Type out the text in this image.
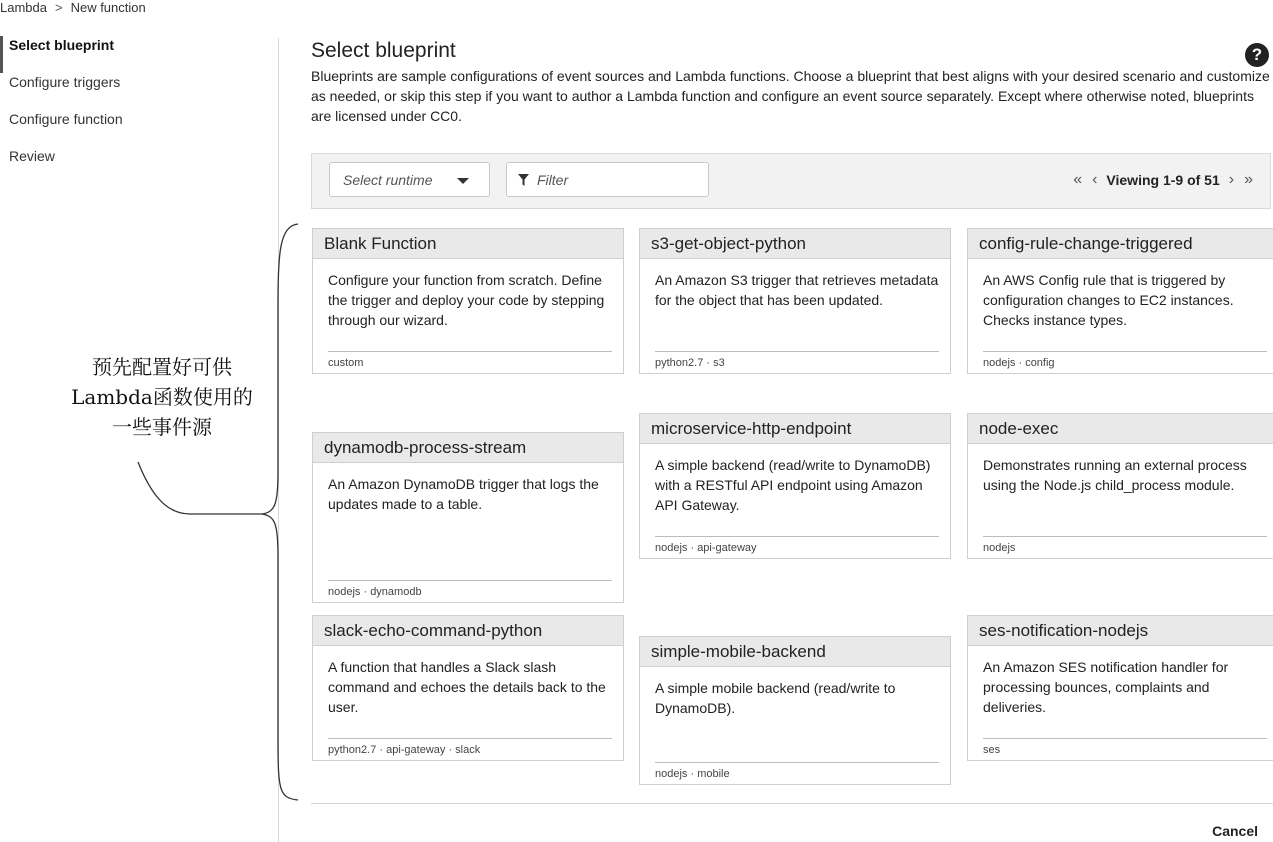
Lambda > New function
Select blueprint
Configure triggers
Configure function
Review
Select blueprint	?
Blueprints are sample configurations of event sources and Lambda functions. Choose a blueprint that best aligns with your desired scenario and customize as needed, or skip this step if you want to author a Lambda function and configure an event source separately. Except where otherwise noted, blueprints are licensed under CC0.
Select runtime	Filter	« ‹ Viewing 1-9 of 51 › »
Blank Function
Configure your function from scratch. Define the trigger and deploy your code by stepping through our wizard.
custom
s3-get-object-python
An Amazon S3 trigger that retrieves metadata for the object that has been updated.
python2.7 · s3
config-rule-change-triggered
An AWS Config rule that is triggered by configuration changes to EC2 instances. Checks instance types.
nodejs · config
dynamodb-process-stream
An Amazon DynamoDB trigger that logs the updates made to a table.
nodejs · dynamodb
microservice-http-endpoint
A simple backend (read/write to DynamoDB) with a RESTful API endpoint using Amazon API Gateway.
nodejs · api-gateway
node-exec
Demonstrates running an external process using the Node.js child_process module.
nodejs
slack-echo-command-python
A function that handles a Slack slash command and echoes the details back to the user.
python2.7 · api-gateway · slack
simple-mobile-backend
A simple mobile backend (read/write to DynamoDB).
nodejs · mobile
ses-notification-nodejs
An Amazon SES notification handler for processing bounces, complaints and deliveries.
ses
Cancel
预先配置好可供
Lambda函数使用的
一些事件源
